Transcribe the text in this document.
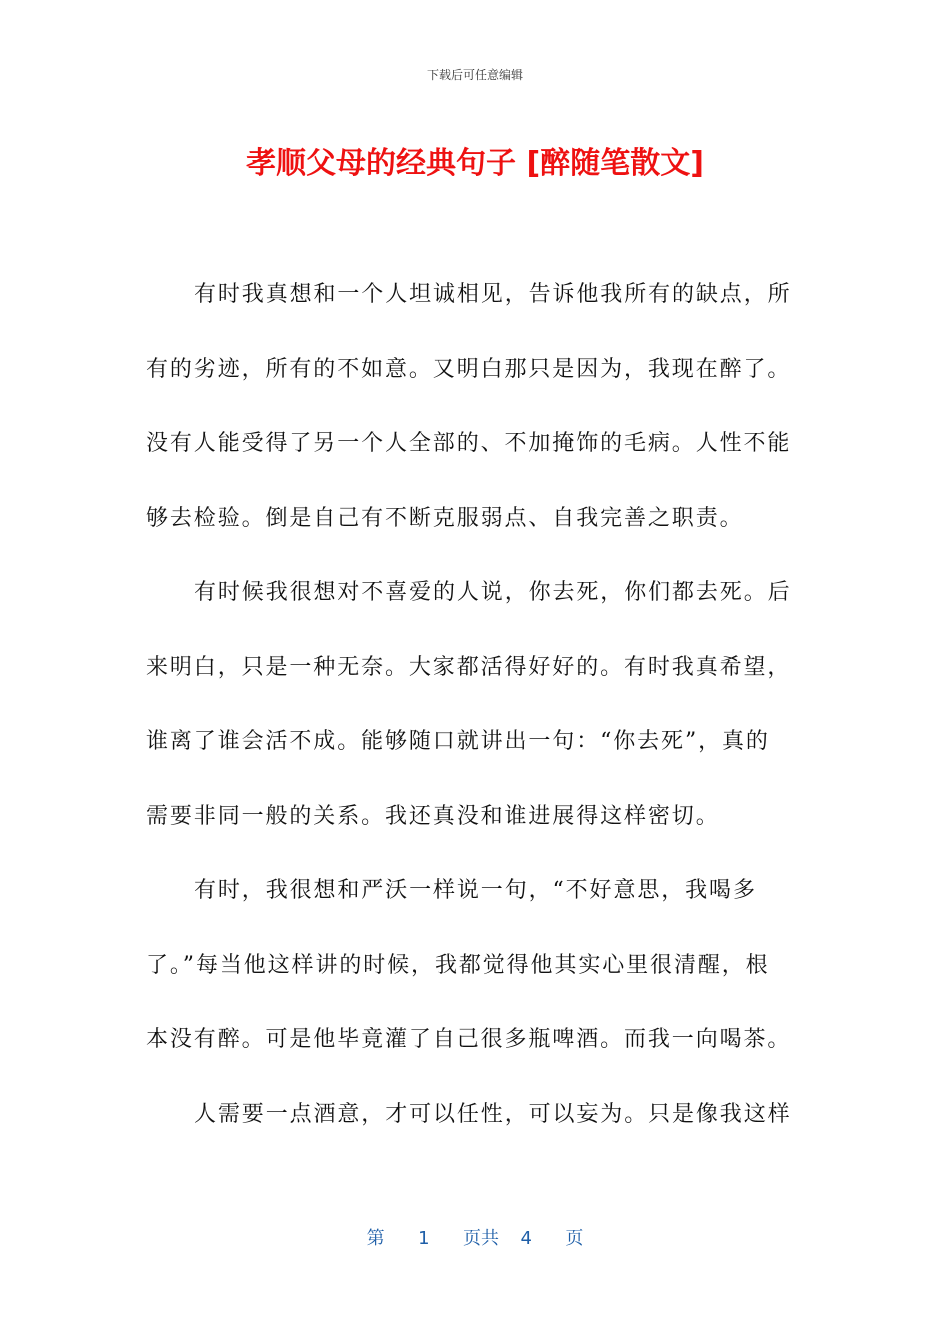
下载后可任意编辑
孝顺父母的经典句子 [醉随笔散文]
有时我真想和一个人坦诚相见，告诉他我所有的缺点，所
有的劣迹，所有的不如意。又明白那只是因为，我现在醉了。
没有人能受得了另一个人全部的、不加掩饰的毛病。人性不能
够去检验。倒是自己有不断克服弱点、自我完善之职责。
有时候我很想对不喜爱的人说，你去死，你们都去死。后
来明白，只是一种无奈。大家都活得好好的。有时我真希望，
谁离了谁会活不成。能够随口就讲出一句：“你去死”，真的
需要非同一般的关系。我还真没和谁进展得这样密切。
有时，我很想和严沃一样说一句，“不好意思，我喝多
了。”每当他这样讲的时候，我都觉得他其实心里很清醒，根
本没有醉。可是他毕竟灌了自己很多瓶啤酒。而我一向喝茶。
人需要一点酒意，才可以任性，可以妄为。只是像我这样
第 1 页共 4 页
